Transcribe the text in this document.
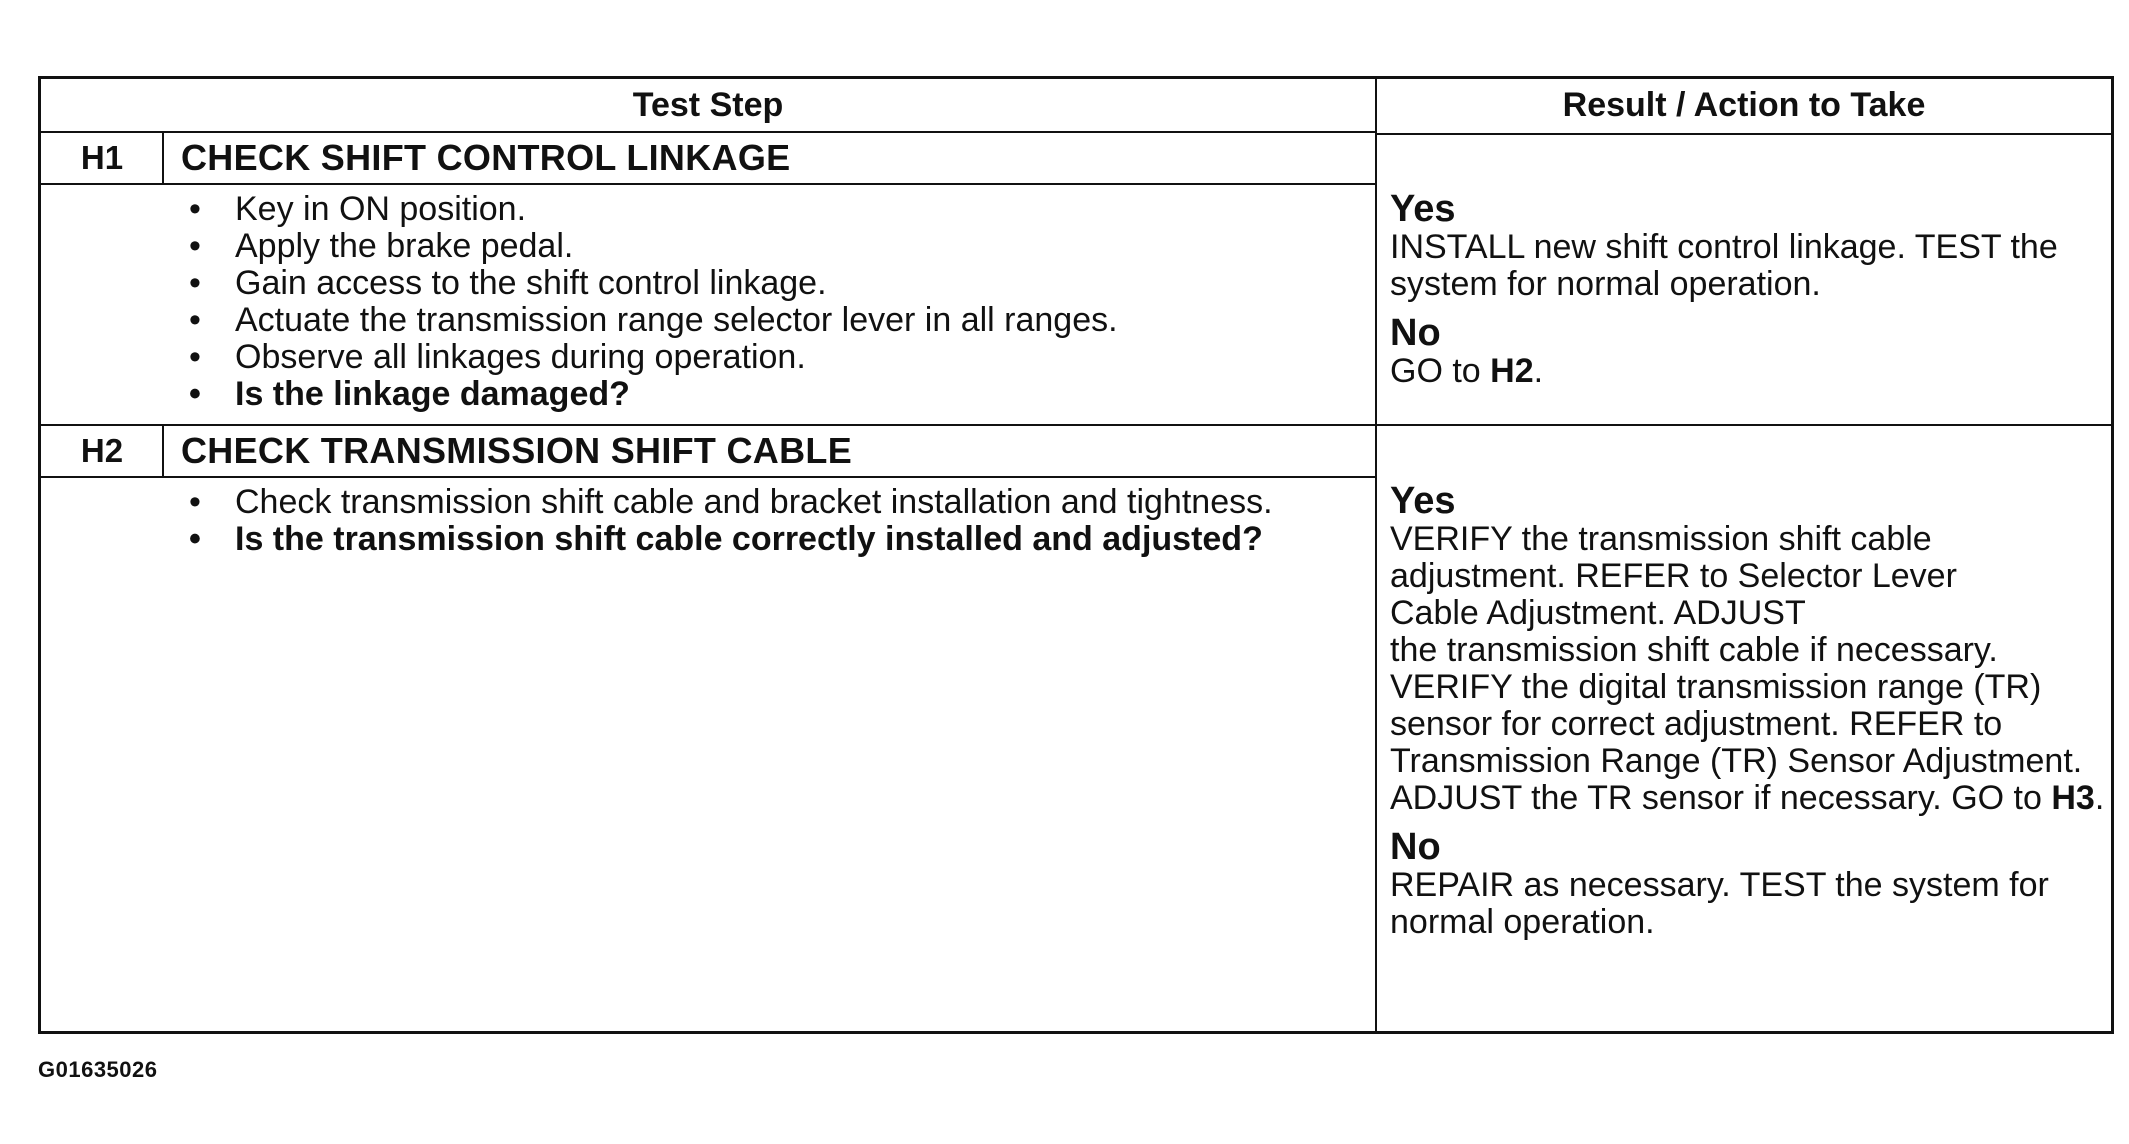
Test Step	Result / Action to Take
H1	CHECK SHIFT CONTROL LINKAGE
• Key in ON position.
• Apply the brake pedal.
• Gain access to the shift control linkage.
• Actuate the transmission range selector lever in all ranges.
• Observe all linkages during operation.
• Is the linkage damaged?
Yes
INSTALL new shift control linkage. TEST the system for normal operation.
No
GO to H2.
H2	CHECK TRANSMISSION SHIFT CABLE
• Check transmission shift cable and bracket installation and tightness.
• Is the transmission shift cable correctly installed and adjusted?
Yes
VERIFY the transmission shift cable adjustment. REFER to Selector Lever Cable Adjustment. ADJUST
the transmission shift cable if necessary. VERIFY the digital transmission range (TR) sensor for correct adjustment. REFER to Transmission Range (TR) Sensor Adjustment.
ADJUST the TR sensor if necessary. GO to H3.
No
REPAIR as necessary. TEST the system for normal operation.
G01635026
